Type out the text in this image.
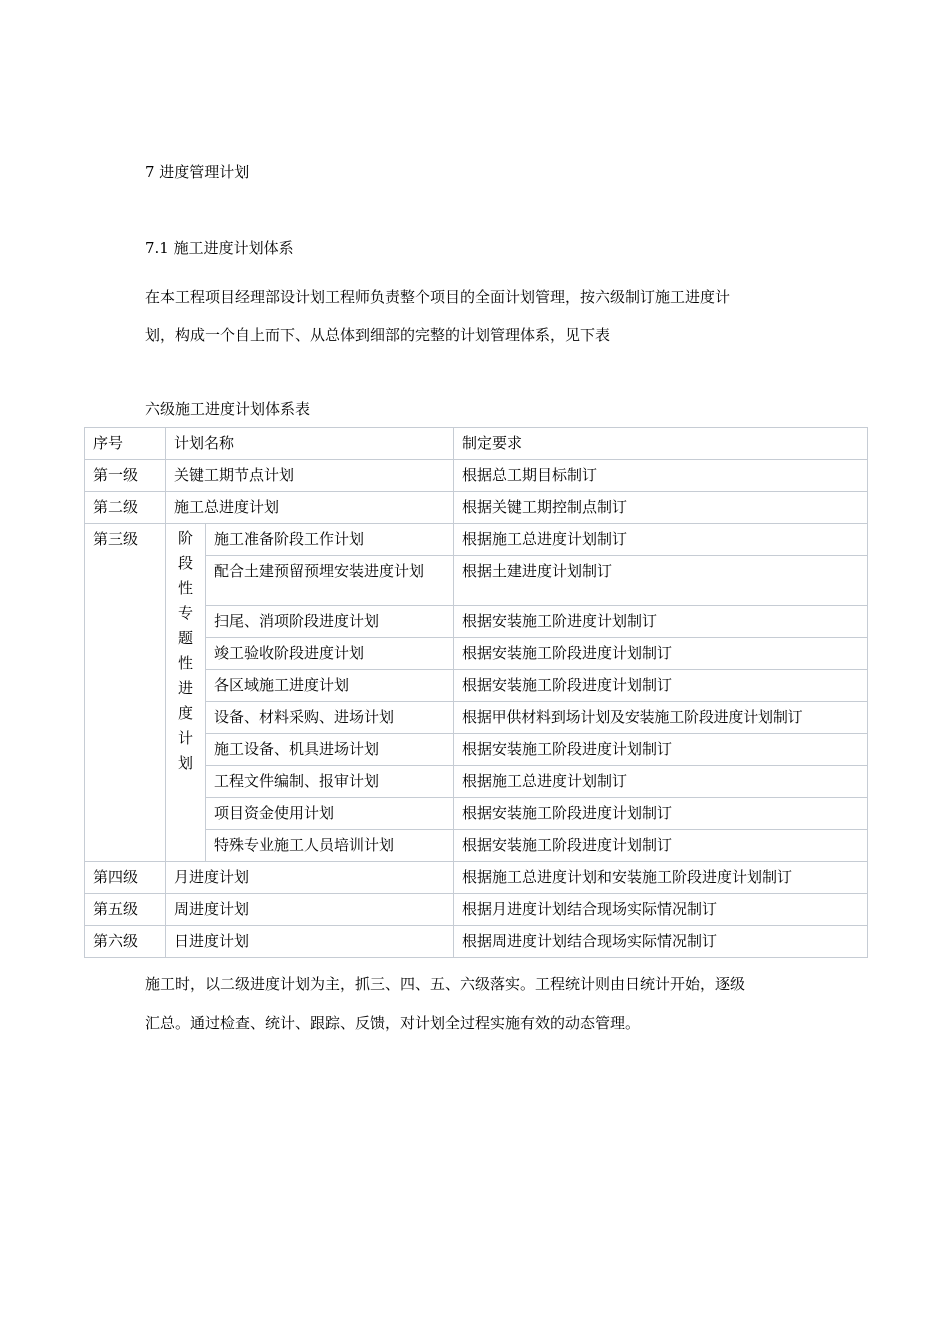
7 进度管理计划

7.1 施工进度计划体系

在本工程项目经理部设计划工程师负责整个项目的全面计划管理，按六级制订施工进度计

划，构成一个自上而下、从总体到细部的完整的计划管理体系，见下表

六级施工进度计划体系表

序号	计划名称		制定要求
第一级	关键工期节点计划		根据总工期目标制订
第二级	施工总进度计划		根据关键工期控制点制订
第三级	阶段性专题性进度计划	施工准备阶段工作计划	根据施工总进度计划制订
		配合土建预留预埋安装进度计划	根据土建进度计划制订
		扫尾、消项阶段进度计划	根据安装施工阶进度计划制订
		竣工验收阶段进度计划	根据安装施工阶段进度计划制订
		各区域施工进度计划	根据安装施工阶段进度计划制订
		设备、材料采购、进场计划	根据甲供材料到场计划及安装施工阶段进度计划制订
		施工设备、机具进场计划	根据安装施工阶段进度计划制订
		工程文件编制、报审计划	根据施工总进度计划制订
		项目资金使用计划	根据安装施工阶段进度计划制订
		特殊专业施工人员培训计划	根据安装施工阶段进度计划制订
第四级	月进度计划		根据施工总进度计划和安装施工阶段进度计划制订
第五级	周进度计划		根据月进度计划结合现场实际情况制订
第六级	日进度计划		根据周进度计划结合现场实际情况制订

施工时，以二级进度计划为主，抓三、四、五、六级落实。工程统计则由日统计开始，逐级

汇总。通过检查、统计、跟踪、反馈，对计划全过程实施有效的动态管理。
